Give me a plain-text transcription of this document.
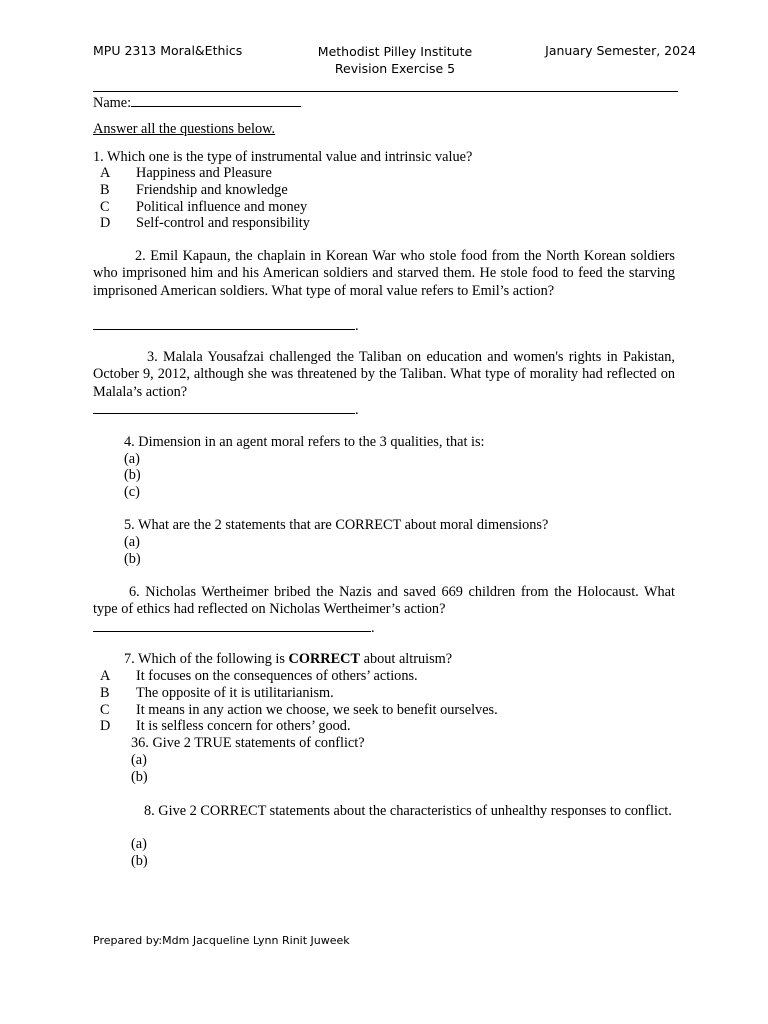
MPU 2313 Moral&Ethics	Methodist Pilley Institute
Revision Exercise 5
January Semester, 2024
Name:
Answer all the questions below.
1. Which one is the type of instrumental value and intrinsic value?
A Happiness and Pleasure
B Friendship and knowledge
C Political influence and money
D Self-control and responsibility
2. Emil Kapaun, the chaplain in Korean War who stole food from the North Korean soldiers who imprisoned him and his American soldiers and starved them. He stole food to feed the starving imprisoned American soldiers. What type of moral value refers to Emil’s action?
.
3. Malala Yousafzai challenged the Taliban on education and women's rights in Pakistan, October 9, 2012, although she was threatened by the Taliban. What type of morality had reflected on Malala’s action?
.
4. Dimension in an agent moral refers to the 3 qualities, that is:
(a)
(b)
(c)
5. What are the 2 statements that are CORRECT about moral dimensions?
(a)
(b)
6. Nicholas Wertheimer bribed the Nazis and saved 669 children from the Holocaust. What type of ethics had reflected on Nicholas Wertheimer’s action?
.
7. Which of the following is CORRECT about altruism?
A It focuses on the consequences of others’ actions.
B The opposite of it is utilitarianism.
C It means in any action we choose, we seek to benefit ourselves.
D It is selfless concern for others’ good.
36. Give 2 TRUE statements of conflict?
(a)
(b)
8. Give 2 CORRECT statements about the characteristics of unhealthy responses to conflict.
(a)
(b)
Prepared by:Mdm Jacqueline Lynn Rinit Juweek
